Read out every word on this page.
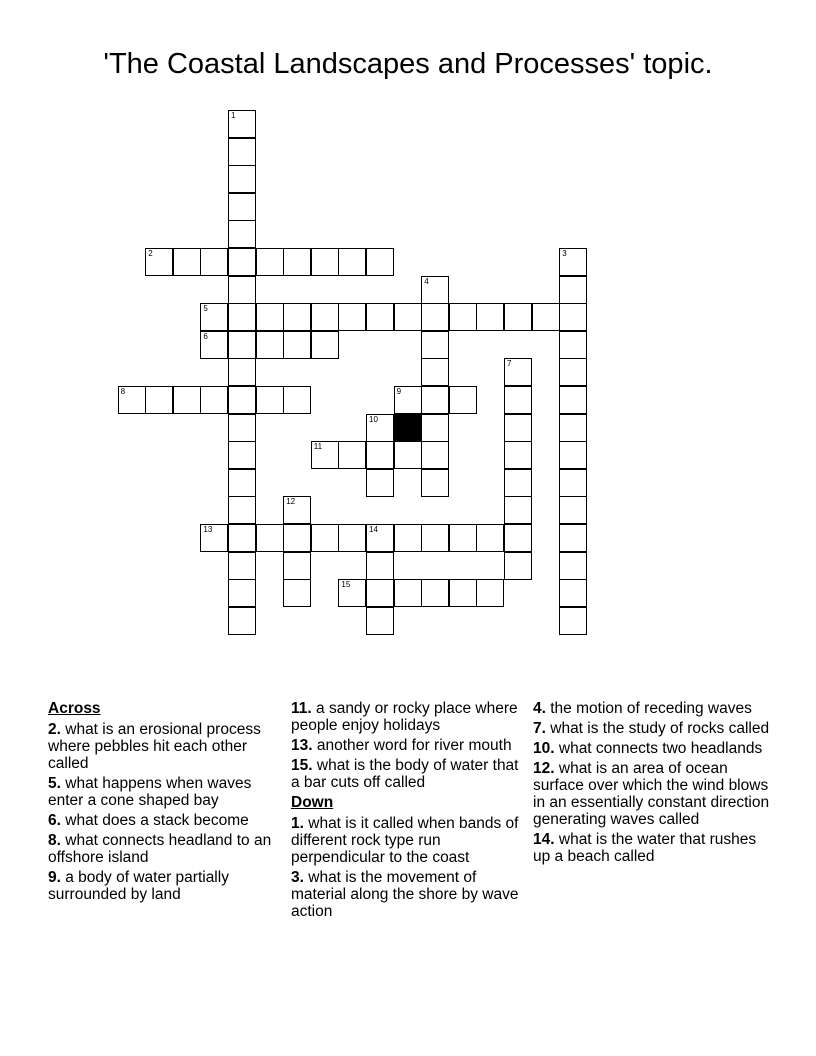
'The Coastal Landscapes and Processes' topic.
1
2	3
4
5
6
7
8	9
10
11
12
13	14
15
Across
2. what is an erosional process where pebbles hit each other called
5. what happens when waves enter a cone shaped bay
6. what does a stack become
8. what connects headland to an offshore island
9. a body of water partially surrounded by land
11. a sandy or rocky place where people enjoy holidays
13. another word for river mouth
15. what is the body of water that a bar cuts off called
Down
1. what is it called when bands of different rock type run perpendicular to the coast
3. what is the movement of material along the shore by wave action
4. the motion of receding waves
7. what is the study of rocks called
10. what connects two headlands
12. what is an area of ocean surface over which the wind blows in an essentially constant direction generating waves called
14. what is the water that rushes up a beach called
